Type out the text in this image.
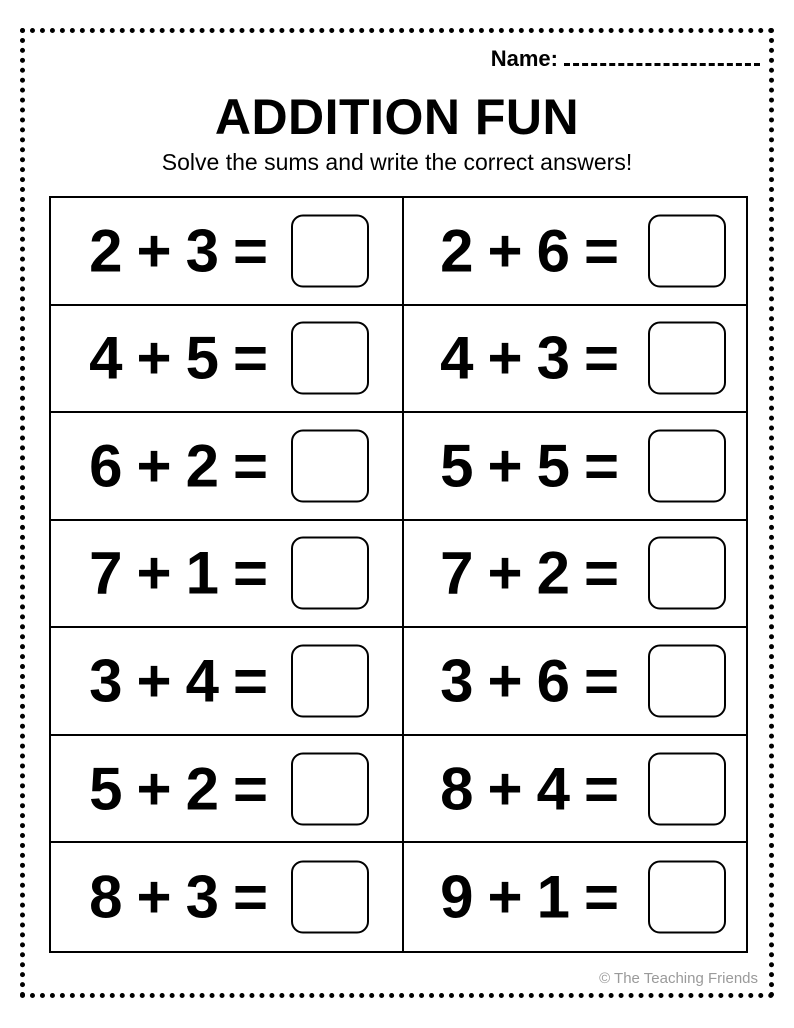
Name:
ADDITION FUN
Solve the sums and write the correct answers!
2 + 3 =	2 + 6 =
4 + 5 =	4 + 3 =
6 + 2 =	5 + 5 =
7 + 1 =	7 + 2 =
3 + 4 =	3 + 6 =
5 + 2 =	8 + 4 =
8 + 3 =	9 + 1 =
© The Teaching Friends
